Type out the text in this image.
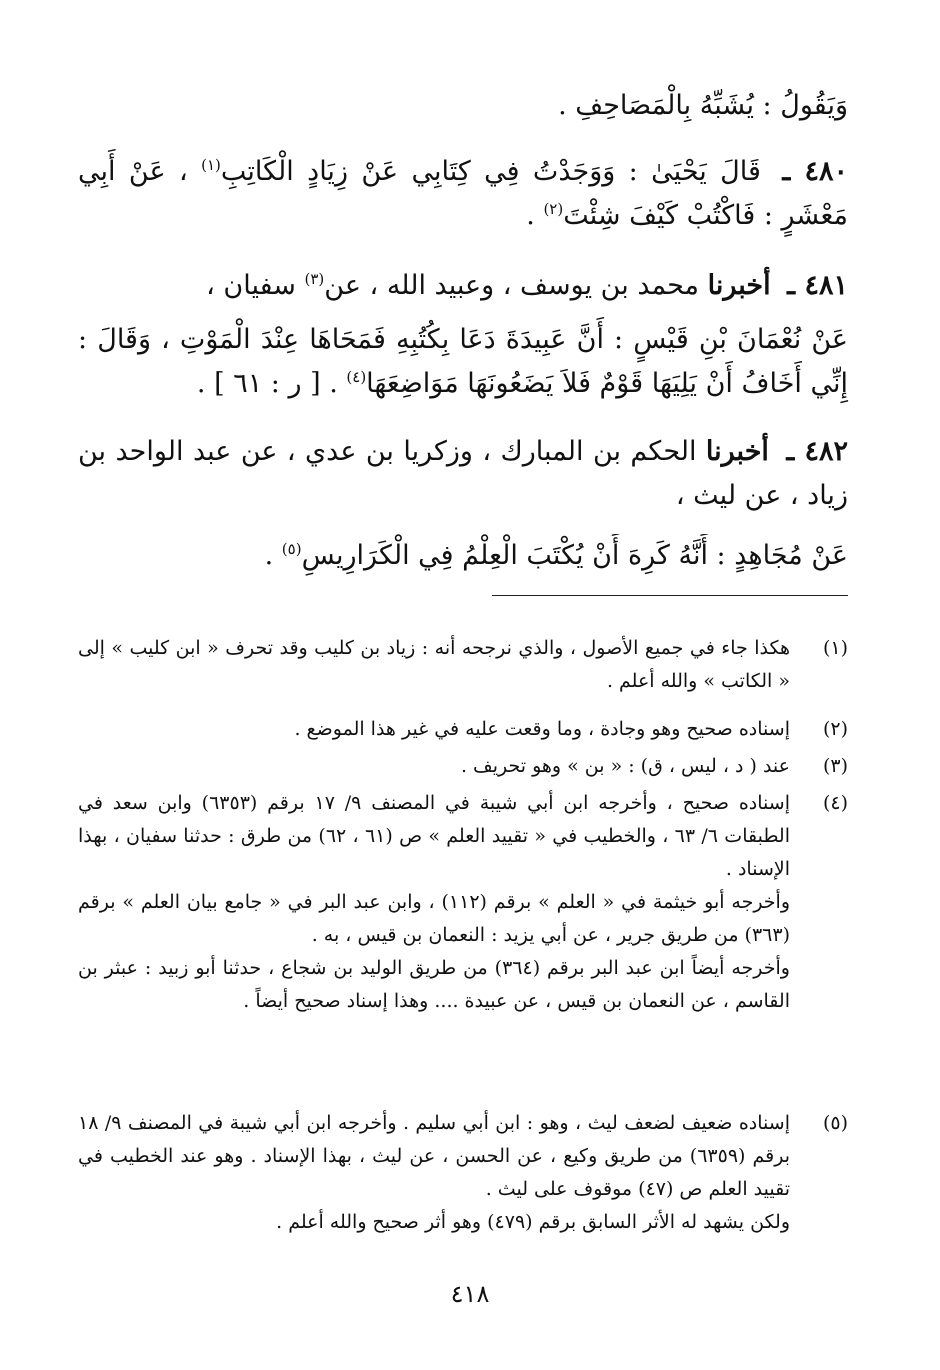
وَيَقُولُ : يُشَبِّهُ بِالْمَصَاحِفِ .
٤٨٠ ـ قَالَ يَحْيَىٰ : وَوَجَدْتُ فِي كِتَابِي عَنْ زِيَادٍ الْكَاتِبِ$^{(١)}$ ، عَنْ أَبِي مَعْشَرٍ : فَاكْتُبْ كَيْفَ شِئْتَ$^{(٢)}$ .
٤٨١ ـ أخبرنا محمد بن يوسف ، وعبيد الله ، عن$^{(٣)}$ سفيان ،
عَنْ نُعْمَانَ بْنِ قَيْسٍ : أَنَّ عَبِيدَةَ دَعَا بِكُتُبِهِ فَمَحَاهَا عِنْدَ الْمَوْتِ ، وَقَالَ : إِنِّي أَخَافُ أَنْ يَلِيَهَا قَوْمٌ فَلاَ يَضَعُونَهَا مَوَاضِعَهَا$^{(٤)}$ . [ ر : ٦١ ] .
٤٨٢ ـ أخبرنا الحكم بن المبارك ، وزكريا بن عدي ، عن عبد الواحد بن زياد ، عن ليث ،
عَنْ مُجَاهِدٍ : أَنَّهُ كَرِهَ أَنْ يُكْتَبَ الْعِلْمُ فِي الْكَرَارِيسِ$^{(٥)}$ .
(١)

هكذا جاء في جميع الأصول ، والذي نرجحه أنه : زياد بن كليب وقد تحرف « ابن كليب » إلى « الكاتب » والله أعلم .

(٢)

إسناده صحيح وهو وجادة ، وما وقعت عليه في غير هذا الموضع .

(٣)

عند ( د ، ليس ، ق) : « بن » وهو تحريف .

(٤)

إسناده صحيح ، وأخرجه ابن أبي شيبة في المصنف ٩/ ١٧ برقم (٦٣٥٣) وابن سعد في الطبقات ٦/ ٦٣ ، والخطيب في « تقييد العلم » ص (٦١ ، ٦٢) من طرق : حدثنا سفيان ، بهذا الإسناد .

وأخرجه أبو خيثمة في « العلم » برقم (١١٢) ، وابن عبد البر في « جامع بيان العلم » برقم (٣٦٣) من طريق جرير ، عن أبي يزيد : النعمان بن قيس ، به .

وأخرجه أيضاً ابن عبد البر برقم (٣٦٤) من طريق الوليد بن شجاع ، حدثنا أبو زبيد : عبثر بن القاسم ، عن النعمان بن قيس ، عن عبيدة .... وهذا إسناد صحيح أيضاً .

(٥)

إسناده ضعيف لضعف ليث ، وهو : ابن أبي سليم . وأخرجه ابن أبي شيبة في المصنف ٩/ ١٨ برقم (٦٣٥٩) من طريق وكيع ، عن الحسن ، عن ليث ، بهذا الإسناد . وهو عند الخطيب في تقييد العلم ص (٤٧) موقوف على ليث .

ولكن يشهد له الأثر السابق برقم (٤٧٩) وهو أثر صحيح والله أعلم .

٤١٨
